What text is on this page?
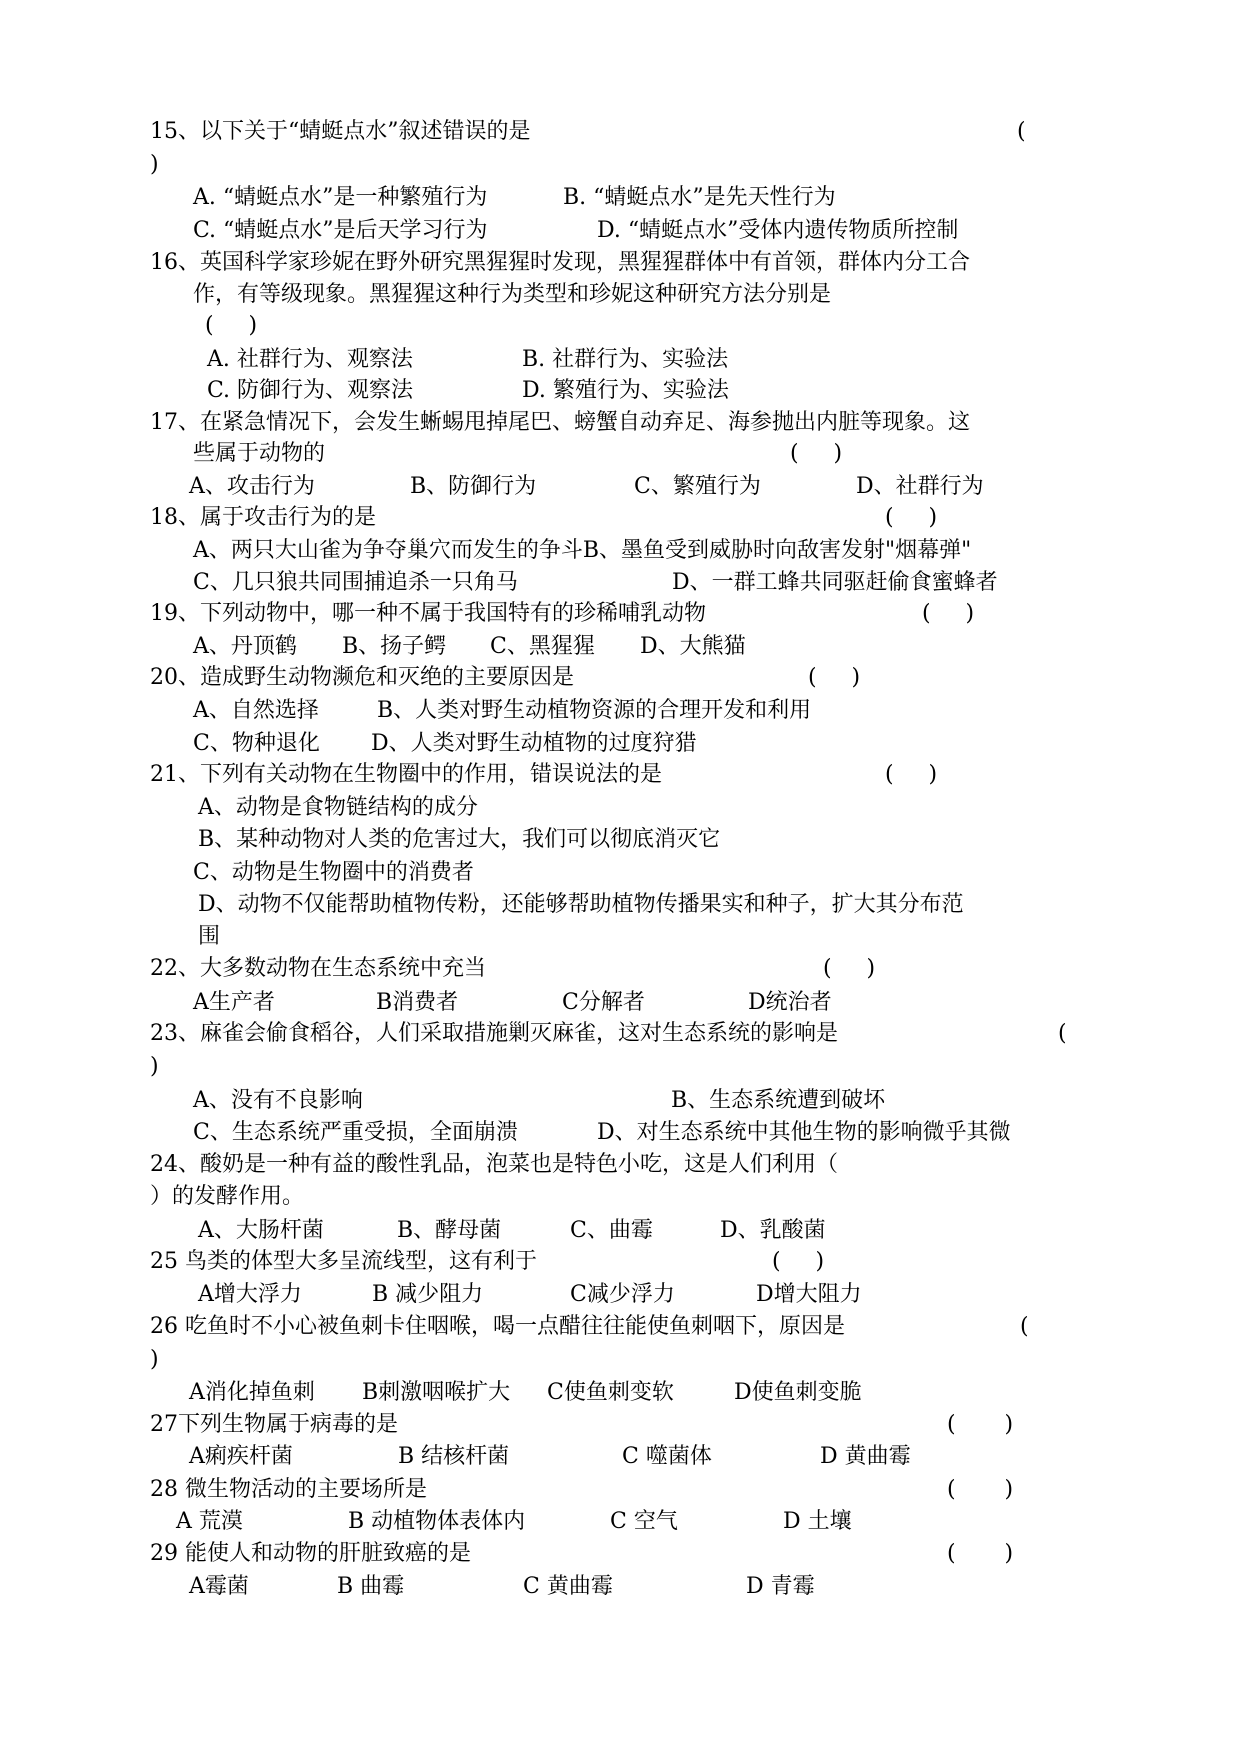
15、以下关于“蜻蜓点水”叙述错误的是	(
)
A. “蜻蜓点水”是一种繁殖行为	B. “蜻蜓点水”是先天性行为
C. “蜻蜓点水”是后天学习行为	D. “蜻蜓点水”受体内遗传物质所控制
16、英国科学家珍妮在野外研究黑猩猩时发现，黑猩猩群体中有首领，群体内分工合
作，有等级现象。黑猩猩这种行为类型和珍妮这种研究方法分别是
(     )
A. 社群行为、观察法	B. 社群行为、实验法
C. 防御行为、观察法	D. 繁殖行为、实验法
17、在紧急情况下，会发生蜥蜴甩掉尾巴、螃蟹自动弃足、海参抛出内脏等现象。这
些属于动物的	(     )
A、攻击行为	B、防御行为	C、繁殖行为	D、社群行为
18、属于攻击行为的是	(     )
A、两只大山雀为争夺巢穴而发生的争斗B、墨鱼受到威胁时向敌害发射"烟幕弹"
C、几只狼共同围捕追杀一只角马	D、一群工蜂共同驱赶偷食蜜蜂者
19、下列动物中，哪一种不属于我国特有的珍稀哺乳动物	(     )
A、丹顶鹤 B、扬子鳄 C、黑猩猩 D、大熊猫
20、造成野生动物濒危和灭绝的主要原因是	(     )
A、自然选择	B、人类对野生动植物资源的合理开发和利用
C、物种退化 D、人类对野生动植物的过度狩猎
21、下列有关动物在生物圈中的作用，错误说法的是	(     )
A、动物是食物链结构的成分
B、某种动物对人类的危害过大，我们可以彻底消灭它
C、动物是生物圈中的消费者
D、动物不仅能帮助植物传粉，还能够帮助植物传播果实和种子，扩大其分布范
围
22、大多数动物在生态系统中充当	(     )
A生产者	B消费者	C分解者	D统治者
23、麻雀会偷食稻谷，人们采取措施剿灭麻雀，这对生态系统的影响是	(
)
A、没有不良影响	B、生态系统遭到破坏
C、生态系统严重受损，全面崩溃	D、对生态系统中其他生物的影响微乎其微
24、酸奶是一种有益的酸性乳品，泡菜也是特色小吃，这是人们利用（
）的发酵作用。
A、大肠杆菌	B、酵母菌	C、曲霉	D、乳酸菌
25 鸟类的体型大多呈流线型，这有利于	(     )
A增大浮力	B 减少阻力	C减少浮力	D增大阻力
26 吃鱼时不小心被鱼刺卡住咽喉，喝一点醋往往能使鱼刺咽下，原因是	(
)
A消化掉鱼刺 B刺激咽喉扩大 C使鱼刺变软	D使鱼刺变脆
27下列生物属于病毒的是	(       )
A痢疾杆菌	B 结核杆菌	C 噬菌体	D 黄曲霉
28 微生物活动的主要场所是	(       )
A 荒漠	B 动植物体表体内	C 空气	D 土壤
29 能使人和动物的肝脏致癌的是	(       )
A霉菌	B 曲霉	C 黄曲霉	D 青霉
